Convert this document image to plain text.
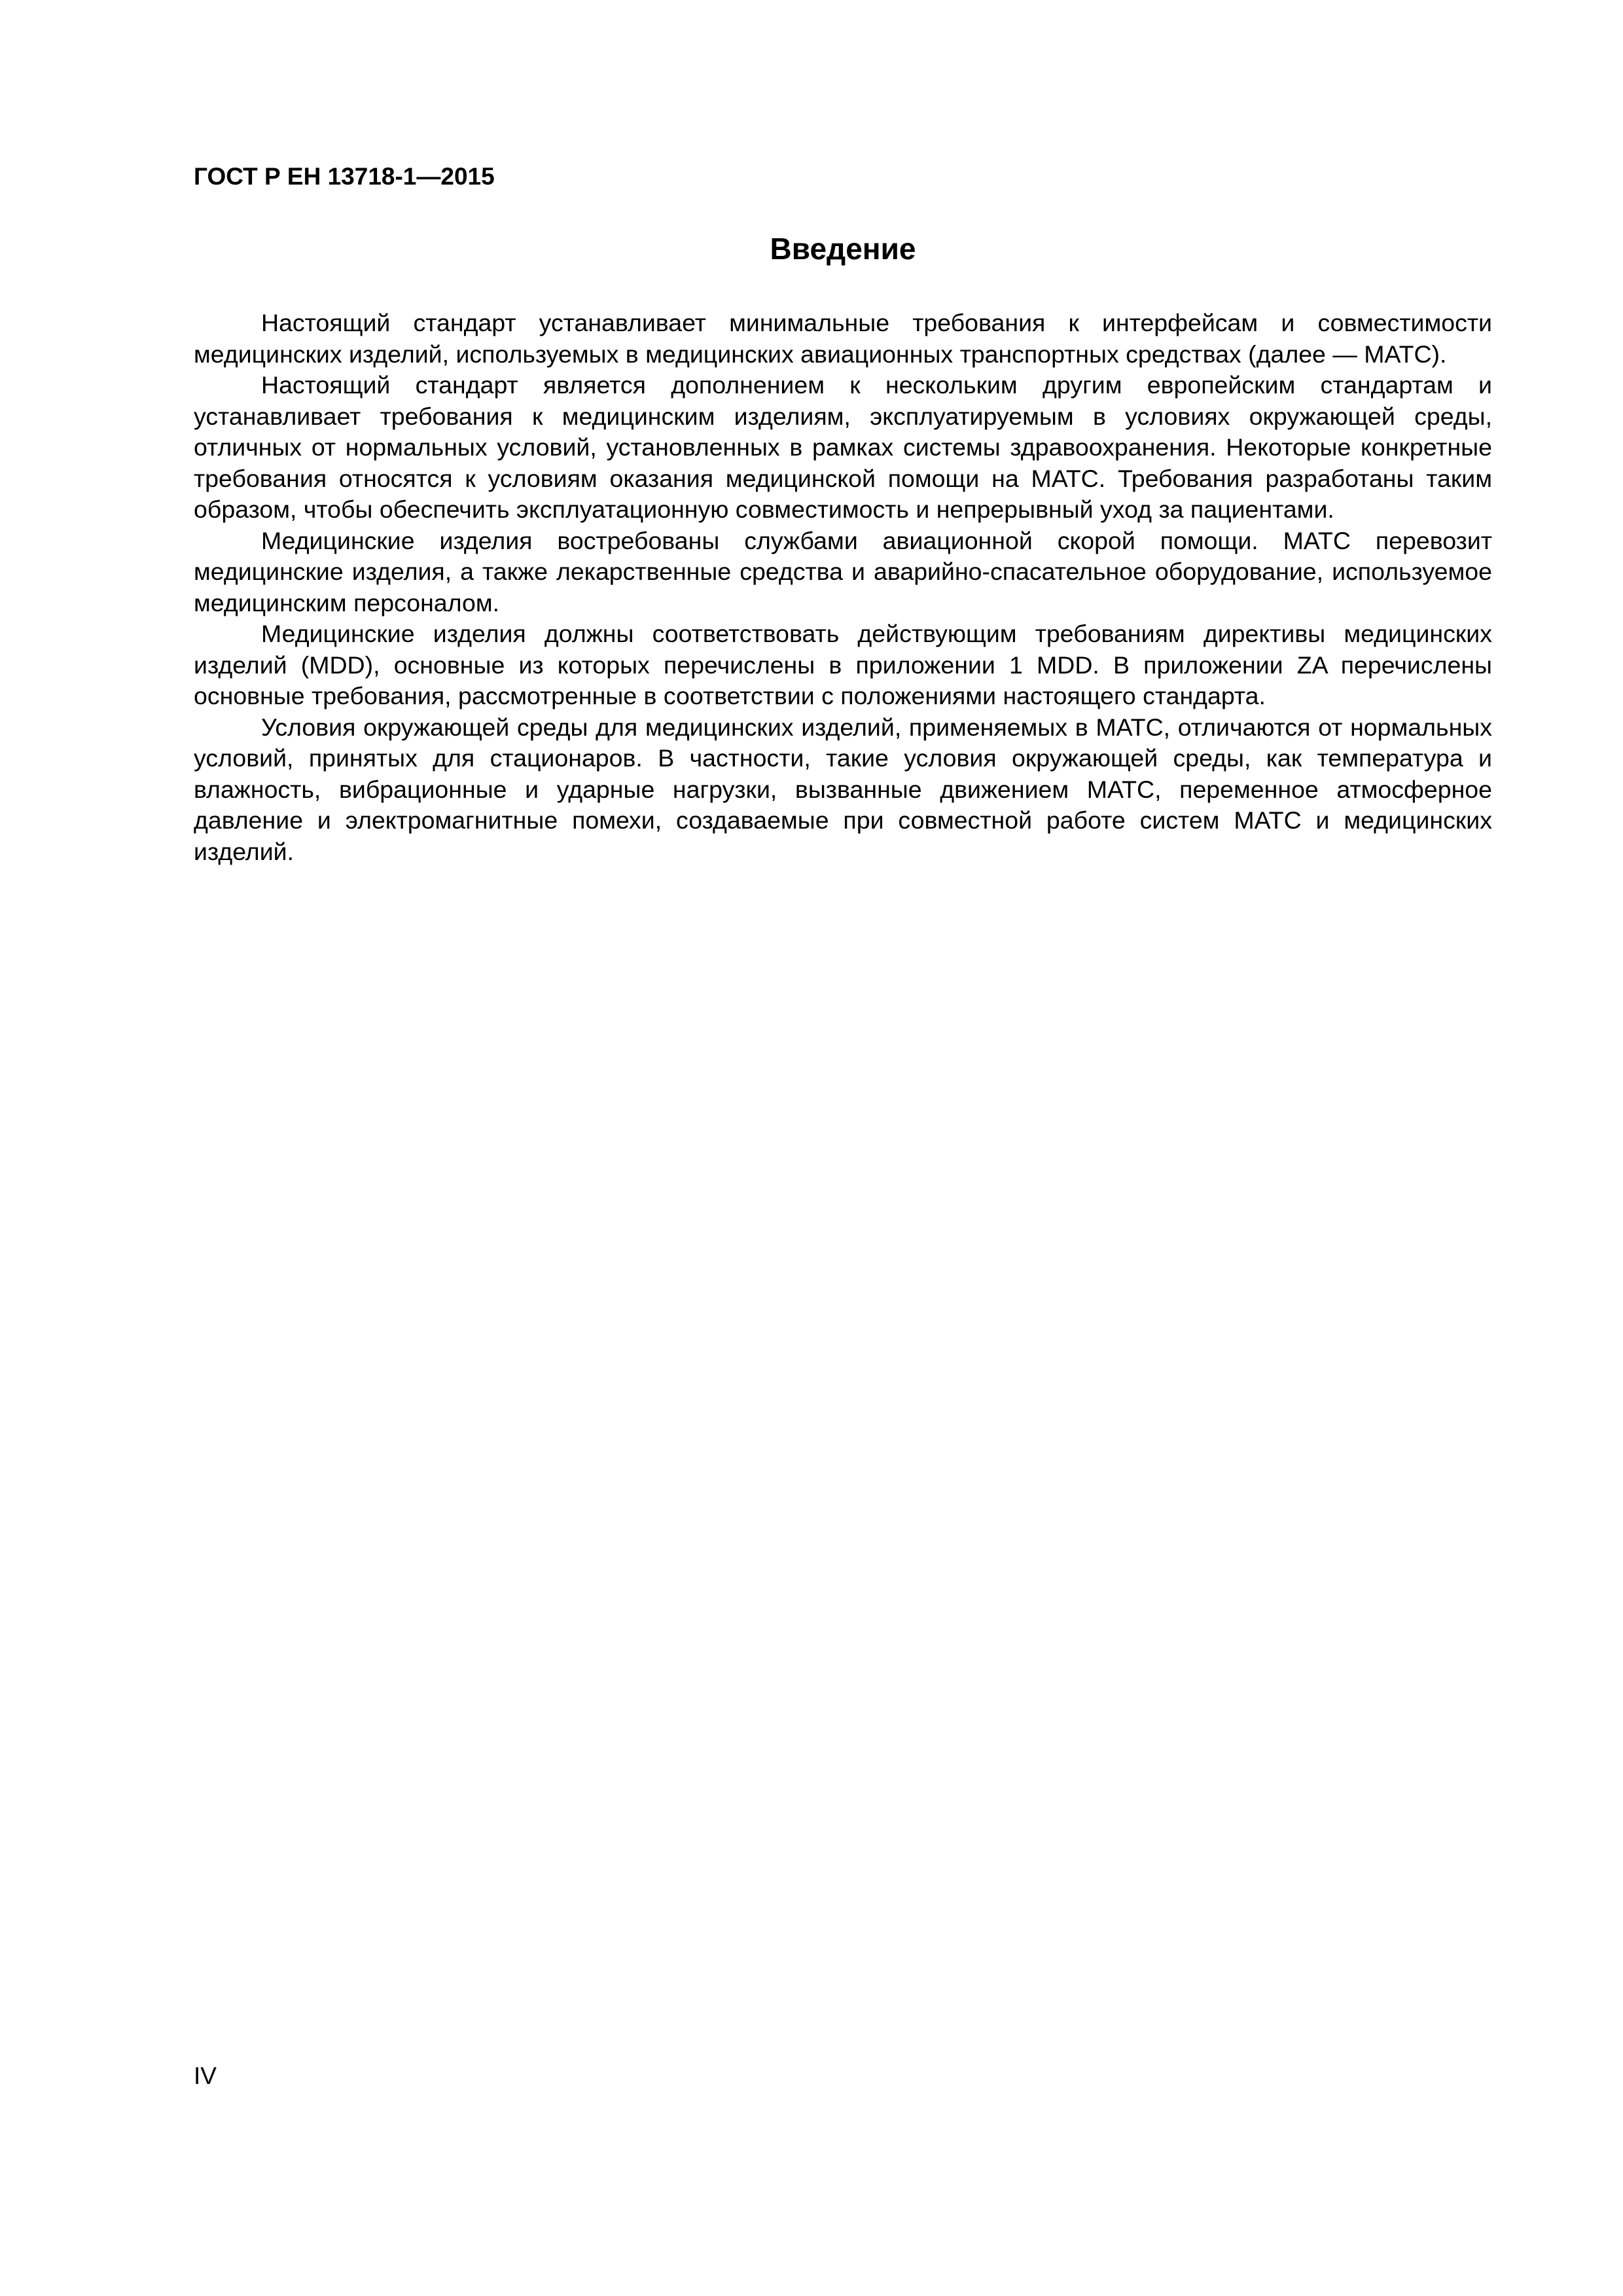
ГОСТ Р ЕН 13718-1—2015
Введение

Настоящий стандарт устанавливает минимальные требования к интерфейсам и совместимости медицинских изделий, используемых в медицинских авиационных транспортных средствах (далее — МАТС).

Настоящий стандарт является дополнением к нескольким другим европейским стандартам и устанавливает требования к медицинским изделиям, эксплуатируемым в условиях окружающей среды, отличных от нормальных условий, установленных в рамках системы здравоохранения. Некоторые конкретные требования относятся к условиям оказания медицинской помощи на МАТС. Требования разработаны таким образом, чтобы обеспечить эксплуатационную совместимость и непрерывный уход за пациентами.

Медицинские изделия востребованы службами авиационной скорой помощи. МАТС перевозит медицинские изделия, а также лекарственные средства и аварийно-спасательное оборудование, используемое медицинским персоналом.

Медицинские изделия должны соответствовать действующим требованиям директивы медицинских изделий (MDD), основные из которых перечислены в приложении 1 MDD. В приложении ZA перечислены основные требования, рассмотренные в соответствии с положениями настоящего стандарта.

Условия окружающей среды для медицинских изделий, применяемых в МАТС, отличаются от нормальных условий, принятых для стационаров. В частности, такие условия окружающей среды, как температура и влажность, вибрационные и ударные нагрузки, вызванные движением МАТС, переменное атмосферное давление и электромагнитные помехи, создаваемые при совместной работе систем МАТС и медицинских изделий.

IV
